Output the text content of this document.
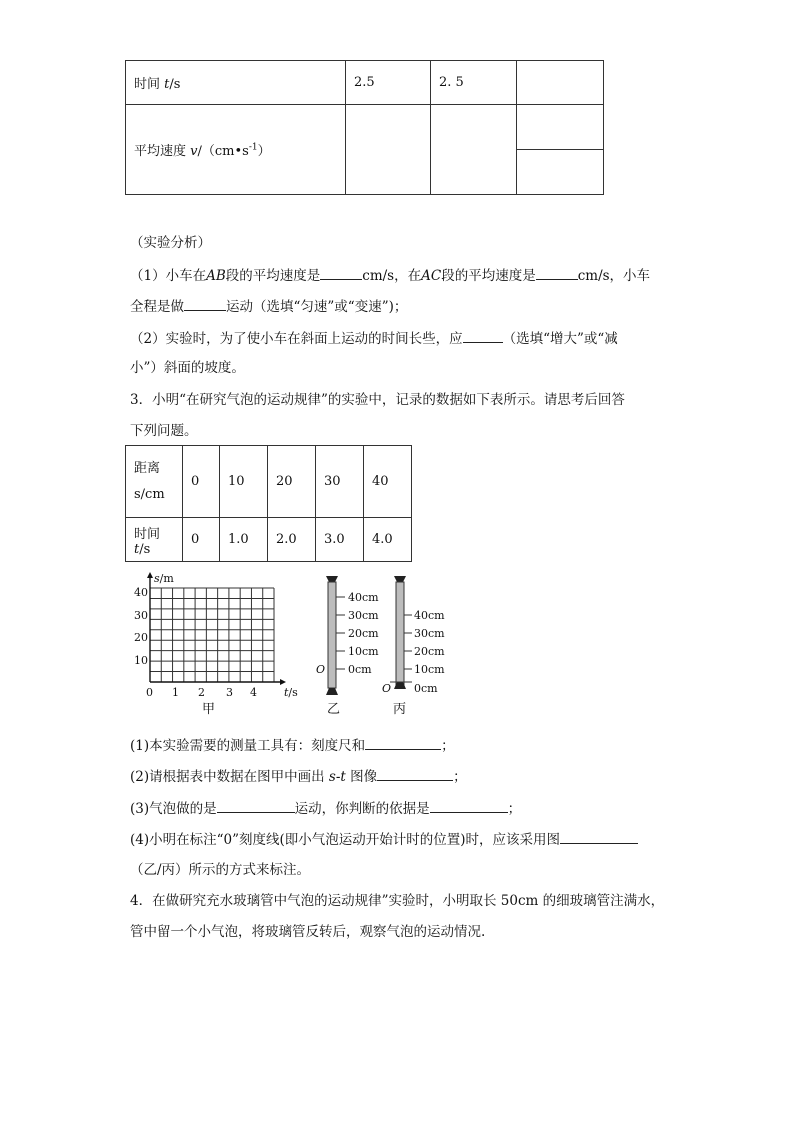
时间 t/s	2.5	2. 5	
平均速度 $v/(cm•s^{-1})$			

（实验分析）
（1）小车在AB段的平均速度是	cm/s，在AC段的平均速度是	cm/s，小车
全程是做	运动（选填“匀速”或“变速”)；
（2）实验时，为了使小车在斜面上运动的时间长些，应	（选填“增大”或“减
小”）斜面的坡度。
3．小明“在研究气泡的运动规律”的实验中，记录的数据如下表所示。请思考后回答
下列问题。
距离
s/cm	0	10	20	30	40
时间 t/s	0	1.0	2.0	3.0	4.0
s/m
t/s
40
30
20
10
0 1 2 3 4
甲
40cm
30cm
20cm
10cm
0cm
O
乙
40cm
30cm
20cm
10cm
0cm
O
丙
(1)本实验需要的测量工具有：刻度尺和	；
(2)请根据表中数据在图甲中画出 s-t 图像	；
(3)气泡做的是	运动，你判断的依据是	；
(4)小明在标注“0”刻度线(即小气泡运动开始计时的位置)时，应该采用图
（乙/丙）所示的方式来标注。
4．在做研究充水玻璃管中气泡的运动规律”实验时，小明取长 50cm 的细玻璃管注满水，
管中留一个小气泡，将玻璃管反转后，观察气泡的运动情况.
